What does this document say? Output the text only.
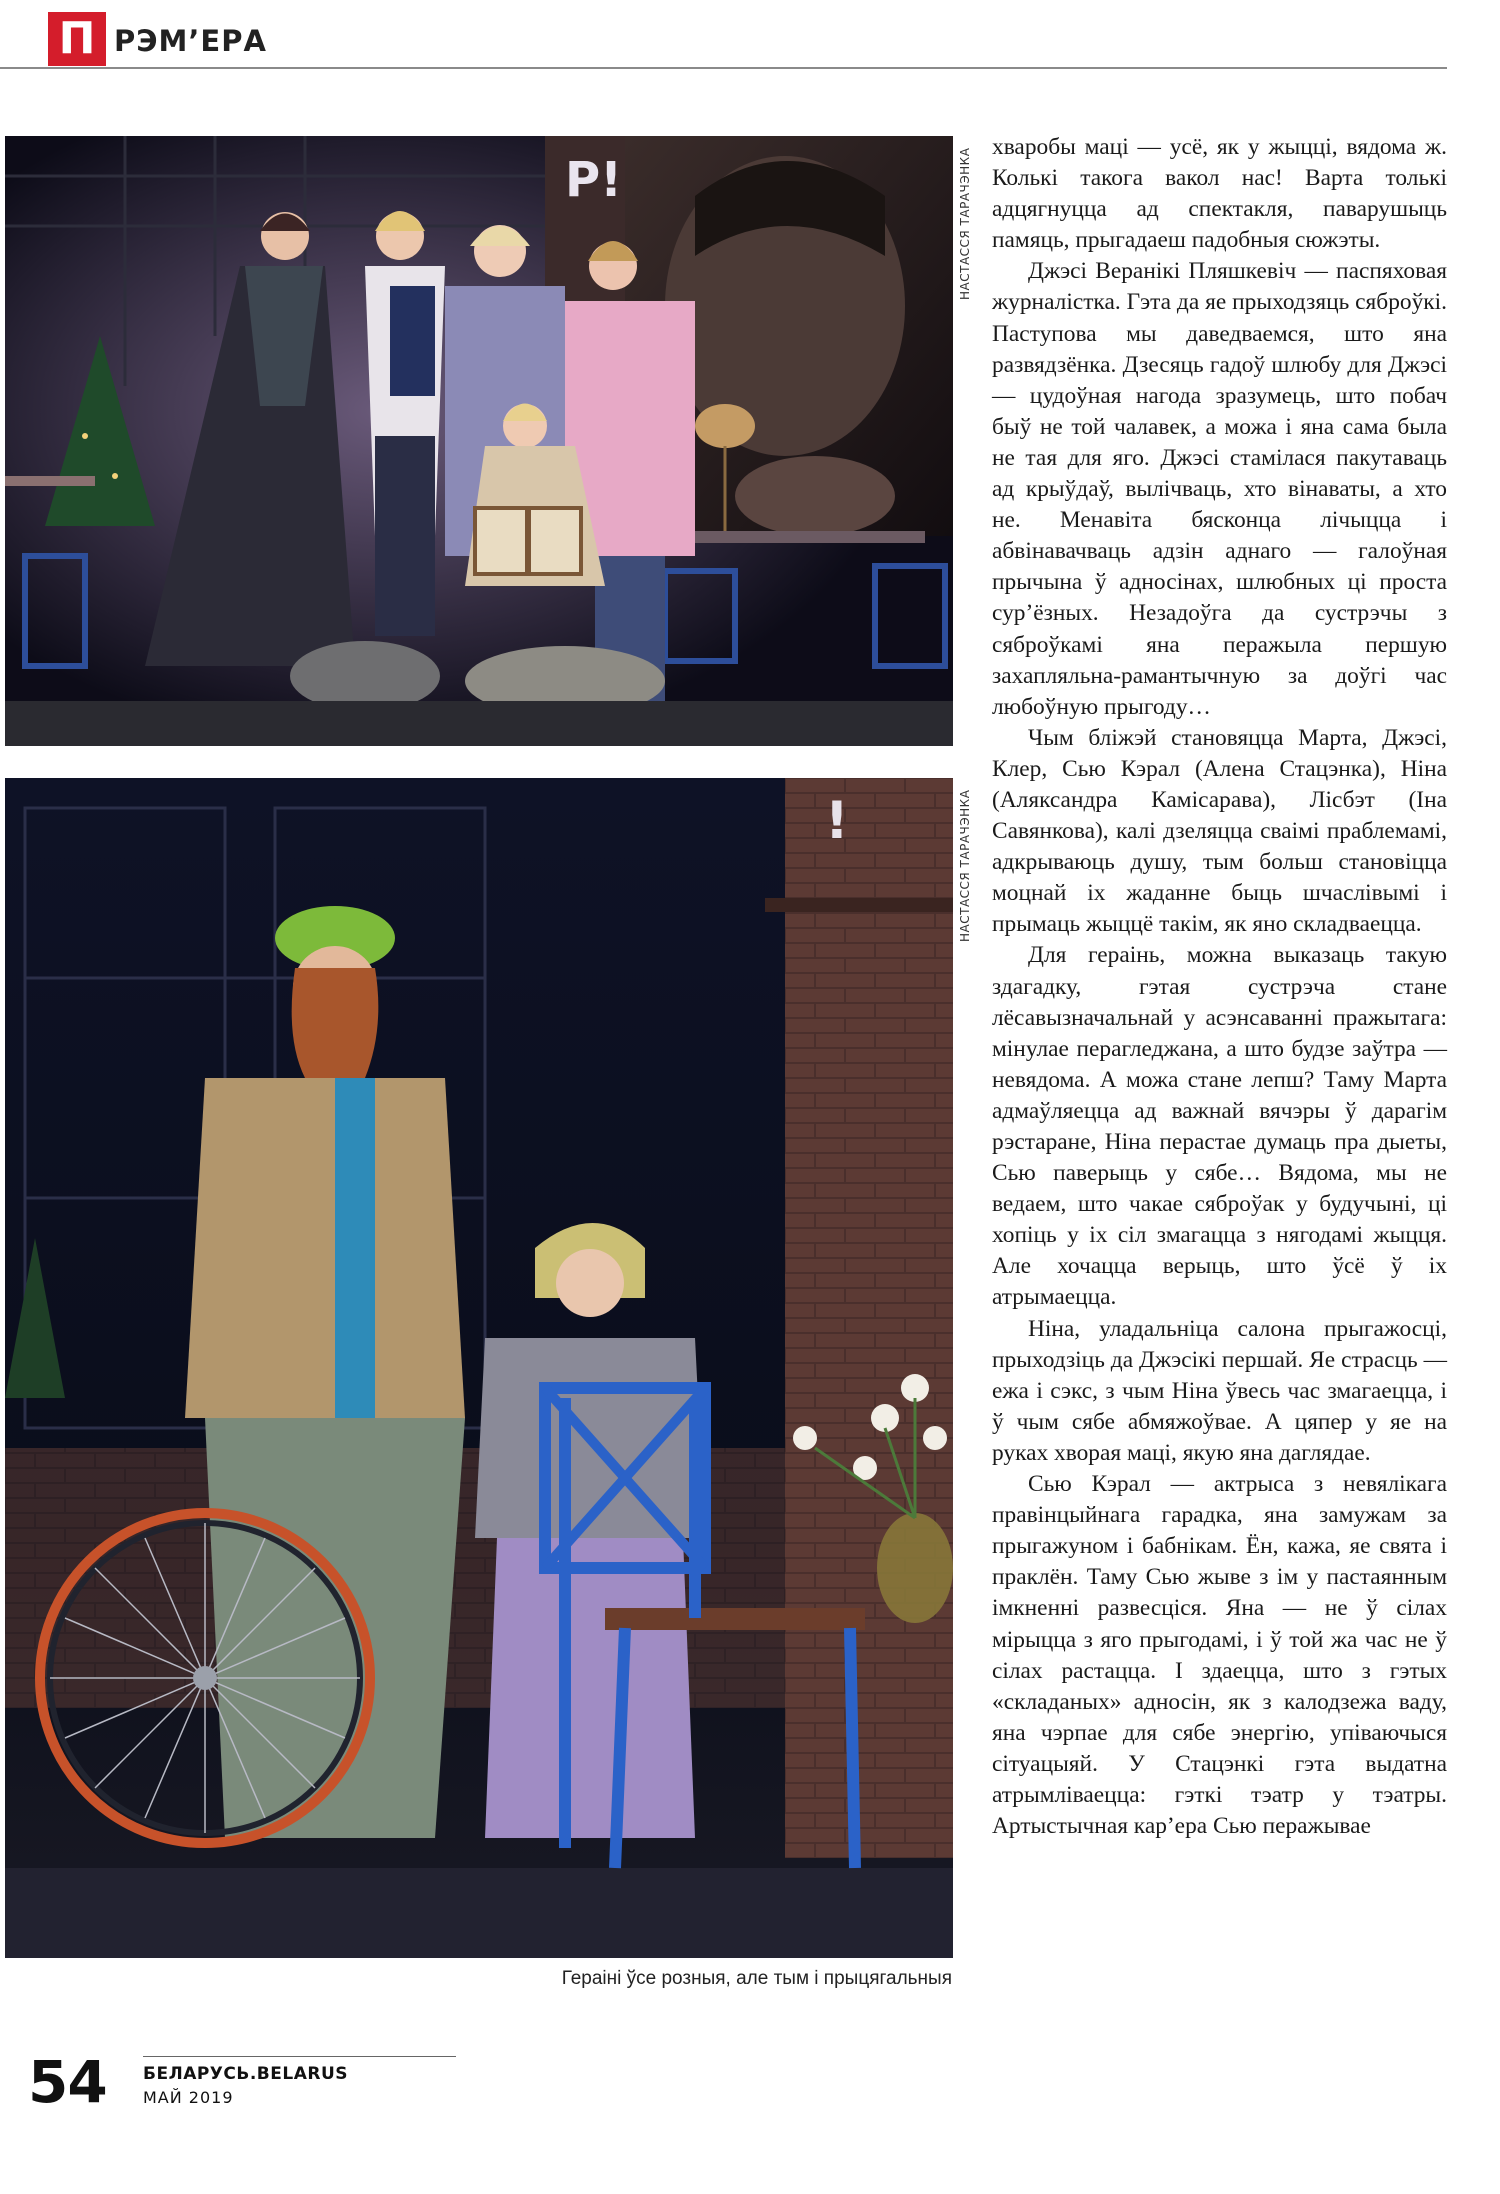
П РЭМ’ЕРА
P!	НАСТАССЯ ТАРАЧЭНКА
!	НАСТАССЯ ТАРАЧЭНКА
Гераіні ўсе розныя, але тым і прыцягальныя

хваробы маці — усё, як у жыцці, вядома ж. Колькі такога вакол нас! Варта толькі адцягнуцца ад спектакля, паварушыць памяць, прыгадаеш падобныя сюжэты.

Джэсі Веранікі Пляшкевіч — паспяховая журналістка. Гэта да яе прыходзяць сяброўкі. Паступова мы даведваемся, што яна развядзёнка. Дзесяць гадоў шлюбу для Джэсі — цудоўная нагода зразумець, што побач быў не той чалавек, а можа і яна сама была не тая для яго. Джэсі стамілася пакутаваць ад крыўдаў, вылічваць, хто вінаваты, а хто не. Менавіта бясконца лічыцца і абвінавачваць адзін аднаго — галоўная прычына ў адносінах, шлюбных ці проста сур’ёзных. Незадоўга да сустрэчы з сяброўкамі яна перажыла першую захапляльна-рамантычную за доўгі час любоўную прыгоду…

Чым бліжэй становяцца Марта, Джэсі, Клер, Сью Кэрал (Алена Стацэнка), Ніна (Аляксандра Камісарава), Лісбэт (Іна Савянкова), калі дзеляцца сваімі праблемамі, адкрываюць душу, тым больш становіцца моцнай іх жаданне быць шчаслівымі і прымаць жыццё такім, як яно складваецца.

Для гераінь, можна выказаць такую здагадку, гэтая сустрэча стане лёсавызначальнай у асэнсаванні пражытага: мінулае перагледжана, а што будзе заўтра — невядома. А можа стане лепш? Таму Марта адмаўляецца ад важнай вячэры ў дарагім рэстаране, Ніна перастае думаць пра дыеты, Сью паверыць у сябе… Вядома, мы не ведаем, што чакае сяброўак у будучыні, ці хопіць у іх сіл змагацца з нягодамі жыцця. Але хочацца верыць, што ўсё ў іх атрымаецца.

Ніна, уладальніца салона прыгажосці, прыходзіць да Джэсікі першай. Яе страсць — ежа і сэкс, з чым Ніна ўвесь час змагаецца, і ў чым сябе абмяжоўвае. А цяпер у яе на руках хворая маці, якую яна даглядае.

Сью Кэрал — актрыса з невялікага правінцыйнага гарадка, яна замужам за прыгажуном і бабнікам. Ён, кажа, яе свята і праклён. Таму Сью жыве з ім у пастаянным імкненні развесціся. Яна — не ў сілах мірыцца з яго прыгодамі, і ў той жа час не ў сілах растацца. І здаецца, што з гэтых «складаных» адносін, як з калодзежа ваду, яна чэрпае для сябе энергію, упіваючыся сітуацыяй. У Стацэнкі гэта выдатна атрымліваецца: гэткі тэатр у тэатры. Артыстычная кар’ера Сью перажывае

54 БЕЛАРУСЬ.BELARUS
МАЙ 2019
